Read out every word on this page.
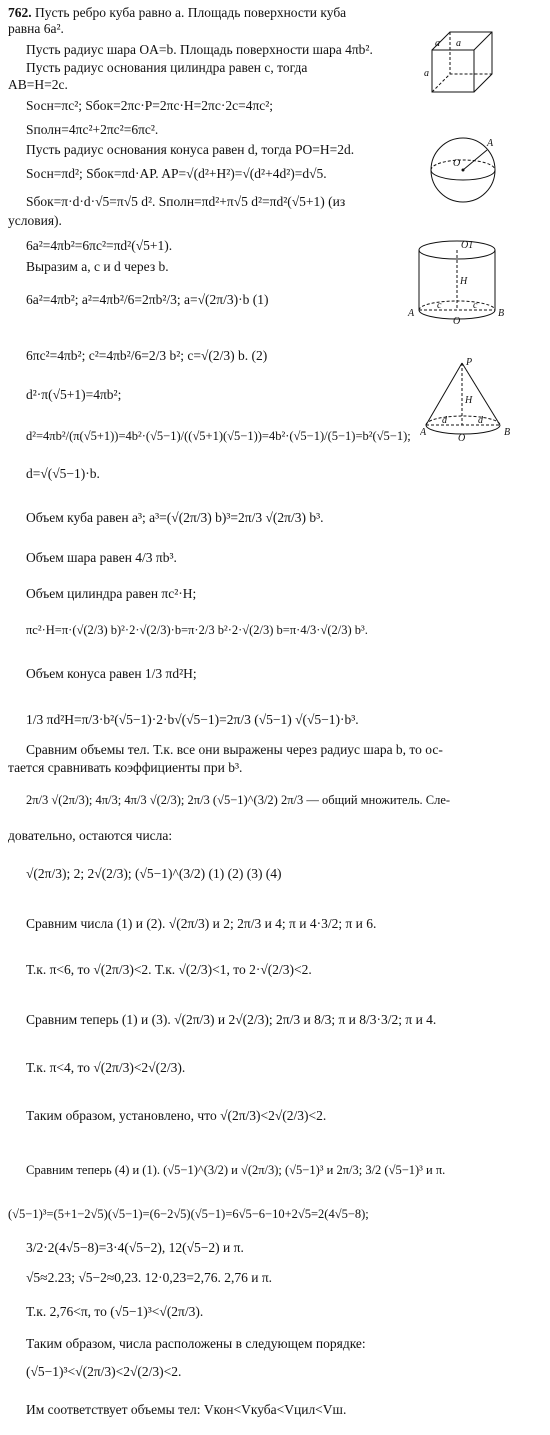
762. Пусть ребро куба равно a. Площадь поверхности куба
равна 6a².
Пусть радиус шара OA=b. Площадь поверхности шара 4πb².
Пусть радиус основания цилиндра равен c, тогда
AB=H=2c.
Sосн=πc²; Sбок=2πc·P=2πc·H=2πc·2c=4πc²;
Sполн=4πc²+2πc²=6πc².
Пусть радиус основания конуса равен d, тогда PO=H=2d.
Sосн=πd²; Sбок=πd·AP. AP=√(d²+H²)=√(d²+4d²)=d√5.
Sбок=π·d·d·√5=π√5 d². Sполн=πd²+π√5 d²=πd²(√5+1) (из
условия).
6a²=4πb²=6πc²=πd²(√5+1).
Выразим a, c и d через b.
6a²=4πb²; a²=4πb²/6=2πb²/3; a=√(2π/3)·b (1)
6πc²=4πb²; c²=4πb²/6=2/3 b²; c=√(2/3) b. (2)
d²·π(√5+1)=4πb²;
d²=4πb²/(π(√5+1))=4b²·(√5−1)/((√5+1)(√5−1))=4b²·(√5−1)/(5−1)=b²(√5−1);
d=√(√5−1)·b.
Объем куба равен a³; a³=(√(2π/3) b)³=2π/3 √(2π/3) b³.
Объем шара равен 4/3 πb³.
Объем цилиндра равен πc²·H;
πc²·H=π·(√(2/3) b)²·2·√(2/3)·b=π·2/3 b²·2·√(2/3) b=π·4/3·√(2/3) b³.
Объем конуса равен 1/3 πd²H;
1/3 πd²H=π/3·b²(√5−1)·2·b√(√5−1)=2π/3 (√5−1) √(√5−1)·b³.
Сравним объемы тел. Т.к. все они выражены через радиус шара b, то ос-
тается сравнивать коэффициенты при b³.
2π/3 √(2π/3); 4π/3; 4π/3 √(2/3); 2π/3 (√5−1)^(3/2) 2π/3 — общий множитель. Сле-
довательно, остаются числа:
√(2π/3); 2; 2√(2/3); (√5−1)^(3/2) (1) (2) (3) (4)
Сравним числа (1) и (2). √(2π/3) и 2; 2π/3 и 4; π и 4·3/2; π и 6.
Т.к. π<6, то √(2π/3)<2. Т.к. √(2/3)<1, то 2·√(2/3)<2.
Сравним теперь (1) и (3). √(2π/3) и 2√(2/3); 2π/3 и 8/3; π и 8/3·3/2; π и 4.
Т.к. π<4, то √(2π/3)<2√(2/3).
Таким образом, установлено, что √(2π/3)<2√(2/3)<2.
Сравним теперь (4) и (1). (√5−1)^(3/2) и √(2π/3); (√5−1)³ и 2π/3; 3/2 (√5−1)³ и π.
(√5−1)³=(5+1−2√5)(√5−1)=(6−2√5)(√5−1)=6√5−6−10+2√5=2(4√5−8);
3/2·2(4√5−8)=3·4(√5−2), 12(√5−2) и π.
√5≈2.23; √5−2≈0,23. 12·0,23=2,76. 2,76 и π.
Т.к. 2,76<π, то (√5−1)³<√(2π/3).
Таким образом, числа расположены в следующем порядке:
(√5−1)³<√(2π/3)<2√(2/3)<2.
Им соответствует объемы тел: Vкон<Vкуба<Vцил<Vш.
a a
a
O
A
O1
H
A
c
O
c
B
P
H
A
d
O
d
B
